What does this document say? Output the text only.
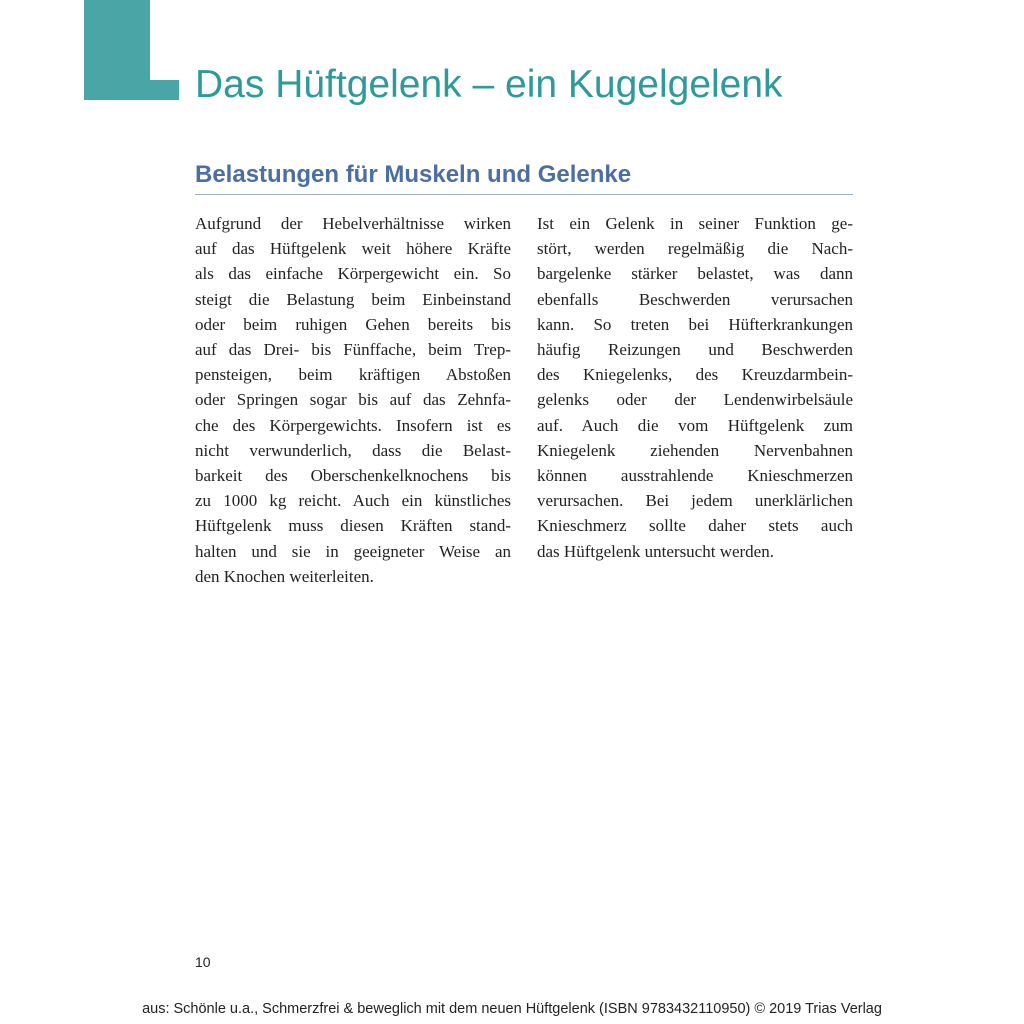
Das Hüftgelenk – ein Kugelgelenk
Belastungen für Muskeln und Gelenke
Aufgrund der Hebelverhältnisse wirken
auf das Hüftgelenk weit höhere Kräfte
als das einfache Körpergewicht ein. So
steigt die Belastung beim Einbeinstand
oder beim ruhigen Gehen bereits bis
auf das Drei- bis Fünffache, beim Trep-
pensteigen, beim kräftigen Abstoßen
oder Springen sogar bis auf das Zehnfa-
che des Körpergewichts. Insofern ist es
nicht verwunderlich, dass die Belast-
barkeit des Oberschenkelknochens bis
zu 1000 kg reicht. Auch ein künstliches
Hüftgelenk muss diesen Kräften stand-
halten und sie in geeigneter Weise an
den Knochen weiterleiten.
Ist ein Gelenk in seiner Funktion ge-
stört, werden regelmäßig die Nach-
bargelenke stärker belastet, was dann
ebenfalls Beschwerden verursachen
kann. So treten bei Hüfterkrankungen
häufig Reizungen und Beschwerden
des Kniegelenks, des Kreuzdarmbein-
gelenks oder der Lendenwirbelsäule
auf. Auch die vom Hüftgelenk zum
Kniegelenk ziehenden Nervenbahnen
können ausstrahlende Knieschmerzen
verursachen. Bei jedem unerklärlichen
Knieschmerz sollte daher stets auch
das Hüftgelenk untersucht werden.
10
aus: Schönle u.a., Schmerzfrei & beweglich mit dem neuen Hüftgelenk (ISBN 9783432110950) © 2019 Trias Verlag
